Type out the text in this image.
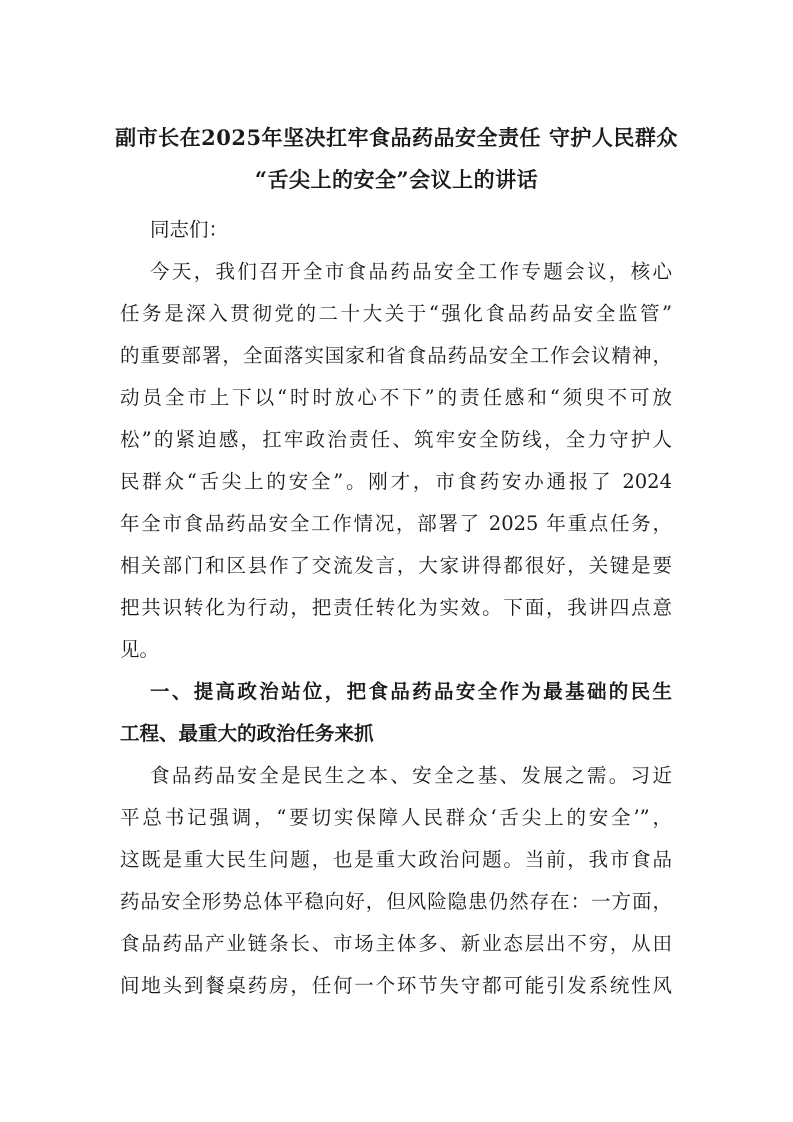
副市长在2025年坚决扛牢食品药品安全责任 守护人民群众
“舌尖上的安全”会议上的讲话
同志们：
今天，我们召开全市食品药品安全工作专题会议，核心
任务是深入贯彻党的二十大关于“强化食品药品安全监管”
的重要部署，全面落实国家和省食品药品安全工作会议精神，
动员全市上下以“时时放心不下”的责任感和“须臾不可放
松”的紧迫感，扛牢政治责任、筑牢安全防线，全力守护人
民群众“舌尖上的安全”。刚才，市食药安办通报了 2024
年全市食品药品安全工作情况，部署了 2025 年重点任务，
相关部门和区县作了交流发言，大家讲得都很好，关键是要
把共识转化为行动，把责任转化为实效。下面，我讲四点意
见。
一、提高政治站位，把食品药品安全作为最基础的民生
工程、最重大的政治任务来抓
食品药品安全是民生之本、安全之基、发展之需。习近
平总书记强调，“要切实保障人民群众‘舌尖上的安全’”，
这既是重大民生问题，也是重大政治问题。当前，我市食品
药品安全形势总体平稳向好，但风险隐患仍然存在：一方面，
食品药品产业链条长、市场主体多、新业态层出不穷，从田
间地头到餐桌药房，任何一个环节失守都可能引发系统性风
